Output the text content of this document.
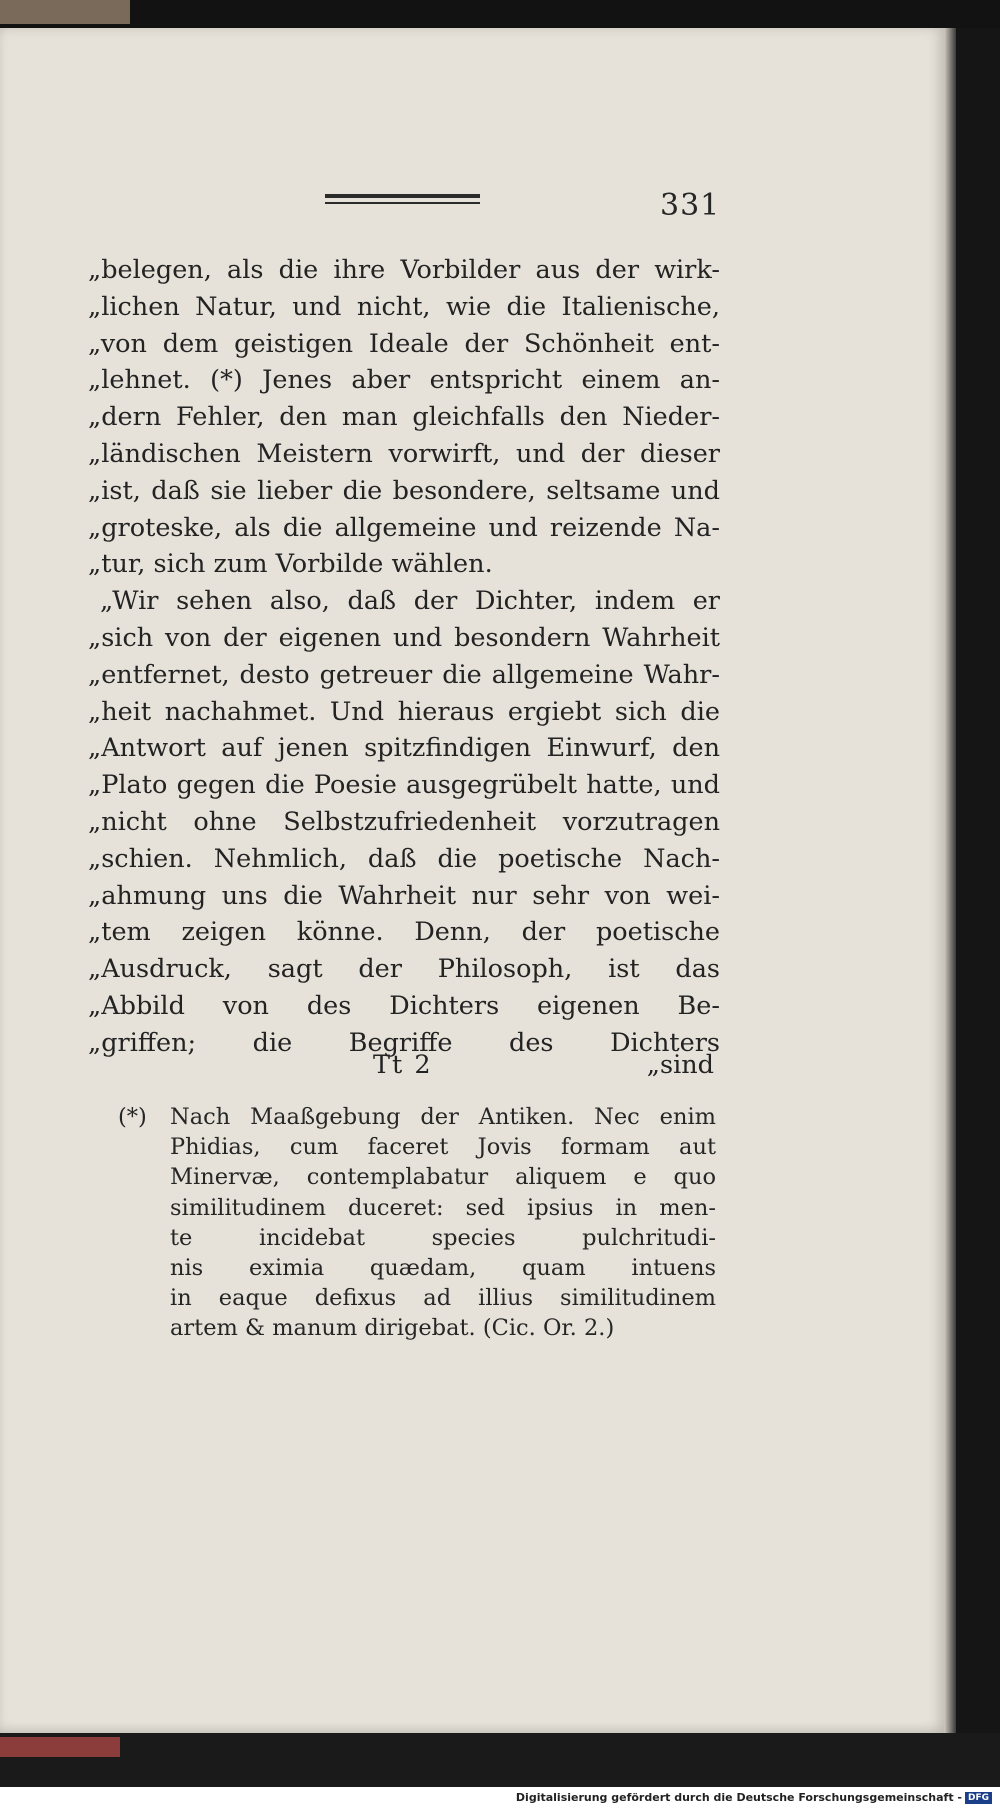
331
„belegen, als die ihre Vorbilder aus der wirk-
„lichen Natur, und nicht, wie die Italienische,
„von dem geistigen Ideale der Schönheit ent-
„lehnet. (*) Jenes aber entspricht einem an-
„dern Fehler, den man gleichfalls den Nieder-
„ländischen Meistern vorwirft, und der dieser
„ist, daß sie lieber die besondere, seltsame und
„groteske, als die allgemeine und reizende Na-
„tur, sich zum Vorbilde wählen.
„Wir sehen also, daß der Dichter, indem er
„sich von der eigenen und besondern Wahrheit
„entfernet, desto getreuer die allgemeine Wahr-
„heit nachahmet. Und hieraus ergiebt sich die
„Antwort auf jenen spitzfindigen Einwurf, den
„Plato gegen die Poesie ausgegrübelt hatte, und
„nicht ohne Selbstzufriedenheit vorzutragen
„schien. Nehmlich, daß die poetische Nach-
„ahmung uns die Wahrheit nur sehr von wei-
„tem zeigen könne. Denn, der poetische
„Ausdruck, sagt der Philosoph, ist das
„Abbild von des Dichters eigenen Be-
„griffen; die Begriffe des Dichters
Tt 2	„sind
(*) Nach Maaßgebung der Antiken. Nec enim
Phidias, cum faceret Jovis formam aut
Minervæ, contemplabatur aliquem e quo
similitudinem duceret: sed ipsius in men-
te incidebat species pulchritudi-
nis eximia quædam, quam intuens
in eaque defixus ad illius similitudinem
artem & manum dirigebat. (Cic. Or. 2.)
Digitalisierung gefördert durch die Deutsche Forschungsgemeinschaft - DFG
